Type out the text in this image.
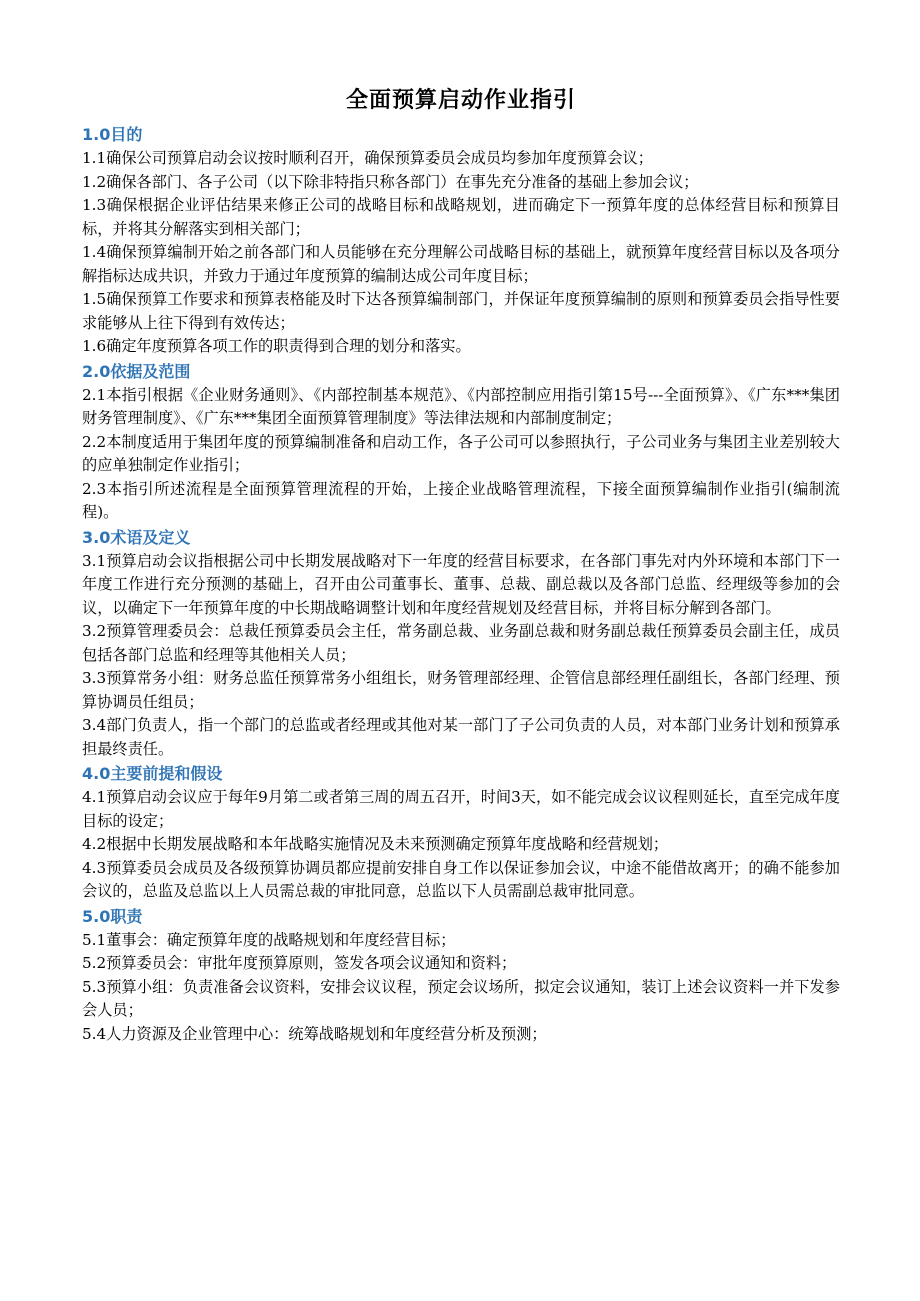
全面预算启动作业指引
1.0目的

1.1确保公司预算启动会议按时顺利召开，确保预算委员会成员均参加年度预算会议；

1.2确保各部门、各子公司（以下除非特指只称各部门）在事先充分准备的基础上参加会议；

1.3确保根据企业评估结果来修正公司的战略目标和战略规划，进而确定下一预算年度的总体经营目标和预算目标，并将其分解落实到相关部门；

1.4确保预算编制开始之前各部门和人员能够在充分理解公司战略目标的基础上，就预算年度经营目标以及各项分解指标达成共识，并致力于通过年度预算的编制达成公司年度目标；

1.5确保预算工作要求和预算表格能及时下达各预算编制部门，并保证年度预算编制的原则和预算委员会指导性要求能够从上往下得到有效传达；

1.6确定年度预算各项工作的职责得到合理的划分和落实。

2.0依据及范围

2.1本指引根据《企业财务通则》、《内部控制基本规范》、《内部控制应用指引第15号---全面预算》、《广东***集团财务管理制度》、《广东***集团全面预算管理制度》等法律法规和内部制度制定；

2.2本制度适用于集团年度的预算编制准备和启动工作，各子公司可以参照执行，子公司业务与集团主业差别较大的应单独制定作业指引；

2.3本指引所述流程是全面预算管理流程的开始，上接企业战略管理流程，下接全面预算编制作业指引(编制流程)。

3.0术语及定义

3.1预算启动会议指根据公司中长期发展战略对下一年度的经营目标要求，在各部门事先对内外环境和本部门下一年度工作进行充分预测的基础上，召开由公司董事长、董事、总裁、副总裁以及各部门总监、经理级等参加的会议，以确定下一年预算年度的中长期战略调整计划和年度经营规划及经营目标，并将目标分解到各部门。

3.2预算管理委员会：总裁任预算委员会主任，常务副总裁、业务副总裁和财务副总裁任预算委员会副主任，成员包括各部门总监和经理等其他相关人员；

3.3预算常务小组：财务总监任预算常务小组组长，财务管理部经理、企管信息部经理任副组长，各部门经理、预算协调员任组员；

3.4部门负责人，指一个部门的总监或者经理或其他对某一部门了子公司负责的人员，对本部门业务计划和预算承担最终责任。

4.0主要前提和假设

4.1预算启动会议应于每年9月第二或者第三周的周五召开，时间3天，如不能完成会议议程则延长，直至完成年度目标的设定；

4.2根据中长期发展战略和本年战略实施情况及未来预测确定预算年度战略和经营规划；

4.3预算委员会成员及各级预算协调员都应提前安排自身工作以保证参加会议，中途不能借故离开；的确不能参加会议的，总监及总监以上人员需总裁的审批同意，总监以下人员需副总裁审批同意。

5.0职责

5.1董事会：确定预算年度的战略规划和年度经营目标；

5.2预算委员会：审批年度预算原则，签发各项会议通知和资料；

5.3预算小组：负责准备会议资料，安排会议议程，预定会议场所，拟定会议通知，装订上述会议资料一并下发参会人员；

5.4人力资源及企业管理中心：统筹战略规划和年度经营分析及预测；
